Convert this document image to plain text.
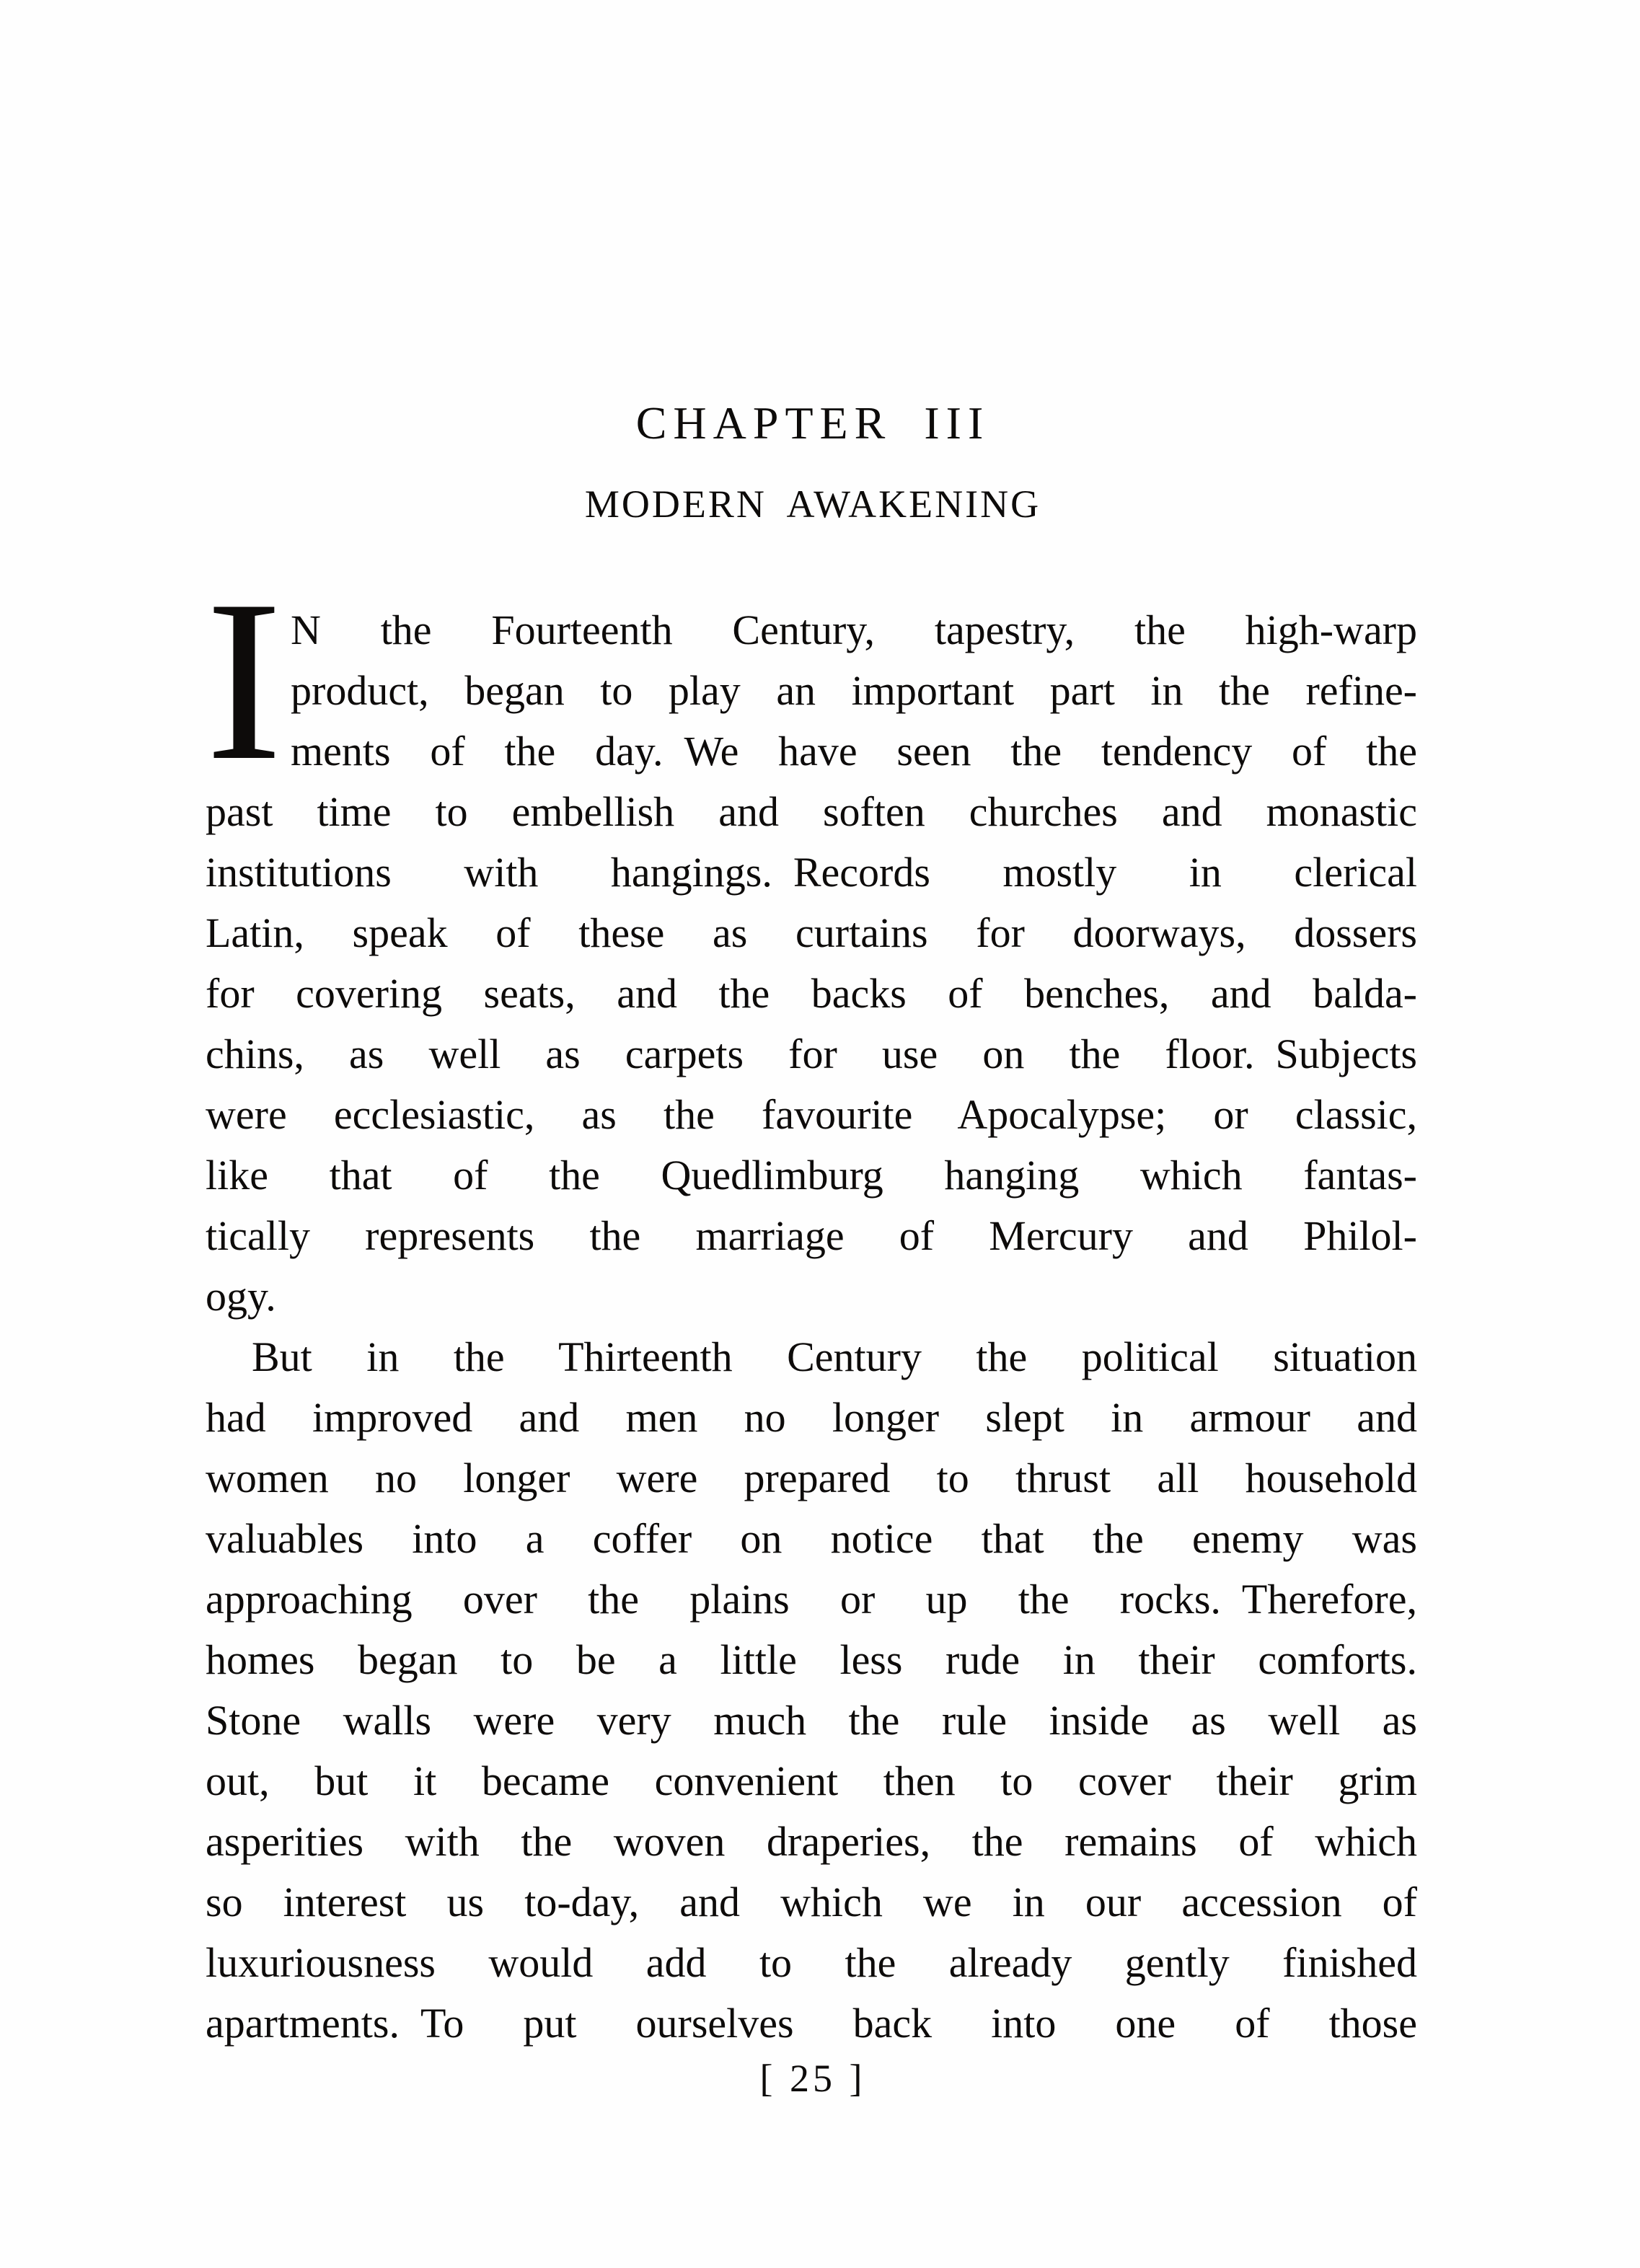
CHAPTER III
MODERN AWAKENING
I N the Fourteenth Century, tapestry, the high-warp
product, began to play an important part in the refine-
ments of the day. We have seen the tendency of the
past time to embellish and soften churches and monastic
institutions with hangings. Records mostly in clerical
Latin, speak of these as curtains for doorways, dossers
for covering seats, and the backs of benches, and balda-
chins, as well as carpets for use on the floor. Subjects
were ecclesiastic, as the favourite Apocalypse; or classic,
like that of the Quedlimburg hanging which fantas-
tically represents the marriage of Mercury and Philol-
ogy.
But in the Thirteenth Century the political situation
had improved and men no longer slept in armour and
women no longer were prepared to thrust all household
valuables into a coffer on notice that the enemy was
approaching over the plains or up the rocks. Therefore,
homes began to be a little less rude in their comforts.
Stone walls were very much the rule inside as well as
out, but it became convenient then to cover their grim
asperities with the woven draperies, the remains of which
so interest us to-day, and which we in our accession of
luxuriousness would add to the already gently finished
apartments. To put ourselves back into one of those
[ 25 ]
